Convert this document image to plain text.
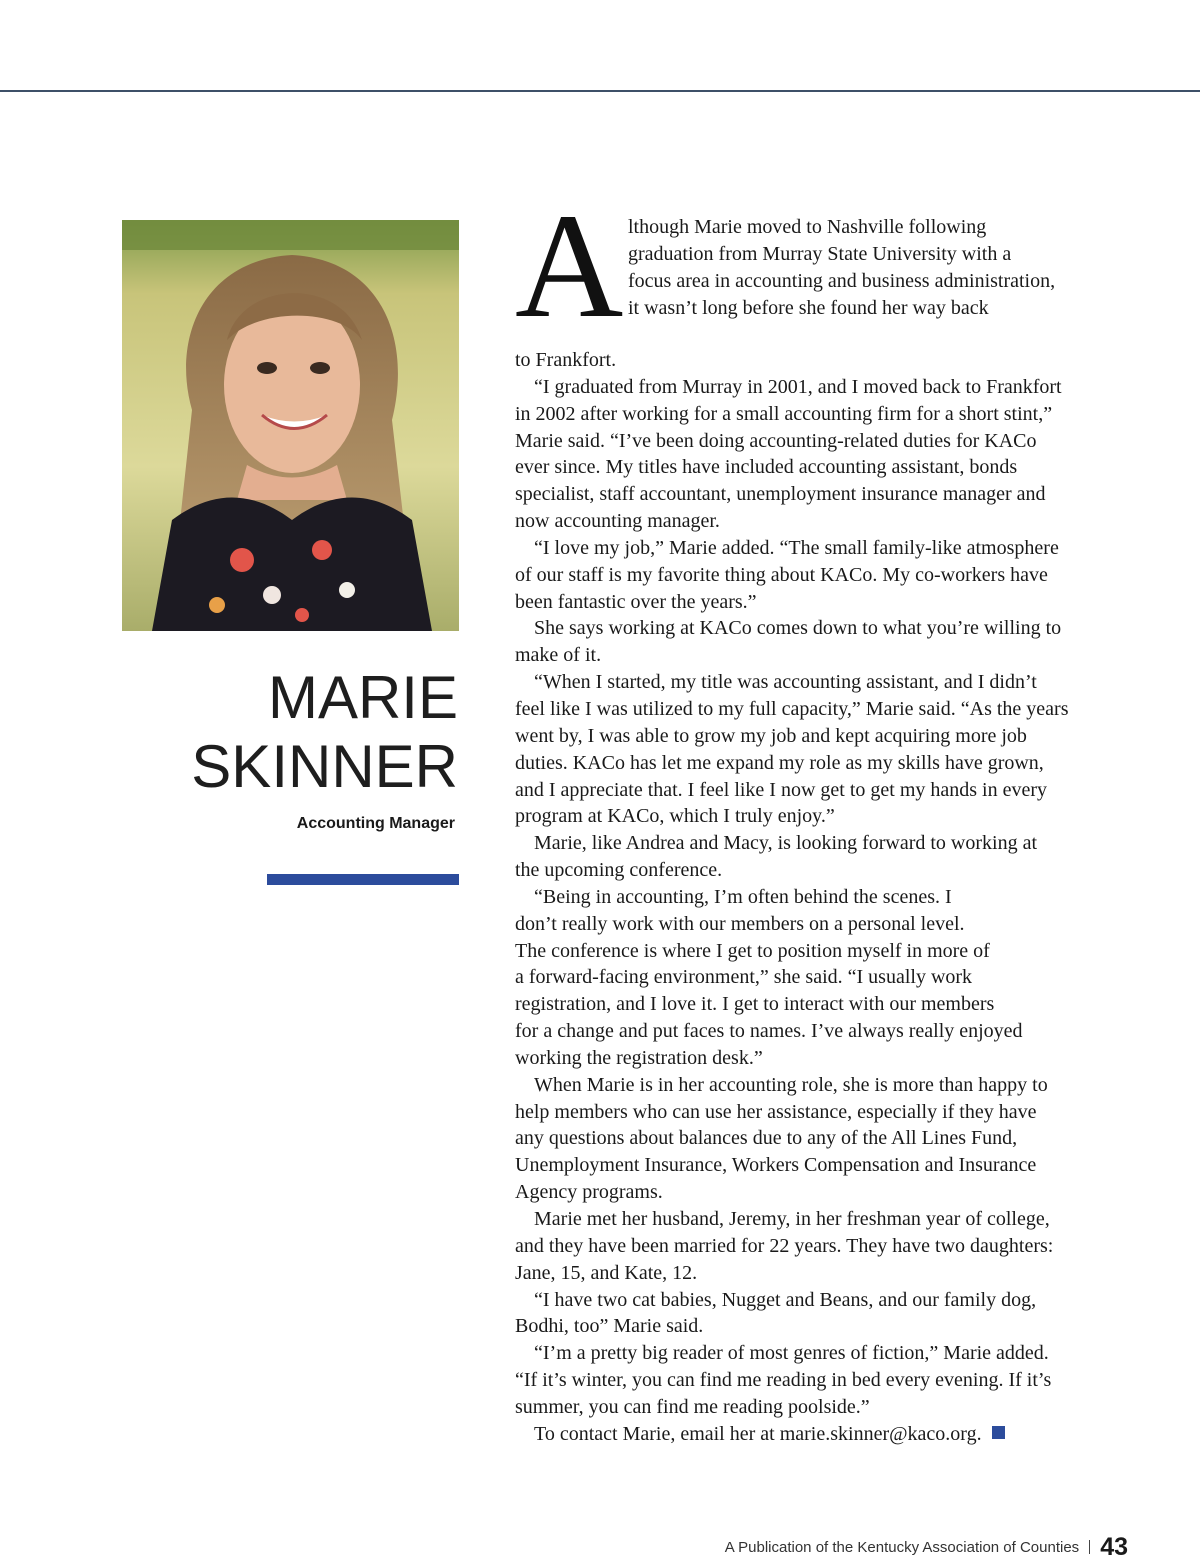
MARIE
SKINNER
Accounting Manager
A lthough Marie moved to Nashville following
graduation from Murray State University with a
focus area in accounting and business administration,
it wasn’t long before she found her way back
to Frankfort.
“I graduated from Murray in 2001, and I moved back to Frankfort
in 2002 after working for a small accounting firm for a short stint,”
Marie said. “I’ve been doing accounting-related duties for KACo
ever since. My titles have included accounting assistant, bonds
specialist, staff accountant, unemployment insurance manager and
now accounting manager.
“I love my job,” Marie added. “The small family-like atmosphere
of our staff is my favorite thing about KACo. My co-workers have
been fantastic over the years.”
She says working at KACo comes down to what you’re willing to
make of it.
“When I started, my title was accounting assistant, and I didn’t
feel like I was utilized to my full capacity,” Marie said. “As the years
went by, I was able to grow my job and kept acquiring more job
duties. KACo has let me expand my role as my skills have grown,
and I appreciate that. I feel like I now get to get my hands in every
program at KACo, which I truly enjoy.”
Marie, like Andrea and Macy, is looking forward to working at
the upcoming conference.
“Being in accounting, I’m often behind the scenes. I
don’t really work with our members on a personal level.
The conference is where I get to position myself in more of
a forward-facing environment,” she said. “I usually work
registration, and I love it. I get to interact with our members
for a change and put faces to names. I’ve always really enjoyed
working the registration desk.”
When Marie is in her accounting role, she is more than happy to
help members who can use her assistance, especially if they have
any questions about balances due to any of the All Lines Fund,
Unemployment Insurance, Workers Compensation and Insurance
Agency programs.
Marie met her husband, Jeremy, in her freshman year of college,
and they have been married for 22 years. They have two daughters:
Jane, 15, and Kate, 12.
“I have two cat babies, Nugget and Beans, and our family dog,
Bodhi, too” Marie said.
“I’m a pretty big reader of most genres of fiction,” Marie added.
“If it’s winter, you can find me reading in bed every evening. If it’s
summer, you can find me reading poolside.”
To contact Marie, email her at marie.skinner@kaco.org.
A Publication of the Kentucky Association of Counties 43
